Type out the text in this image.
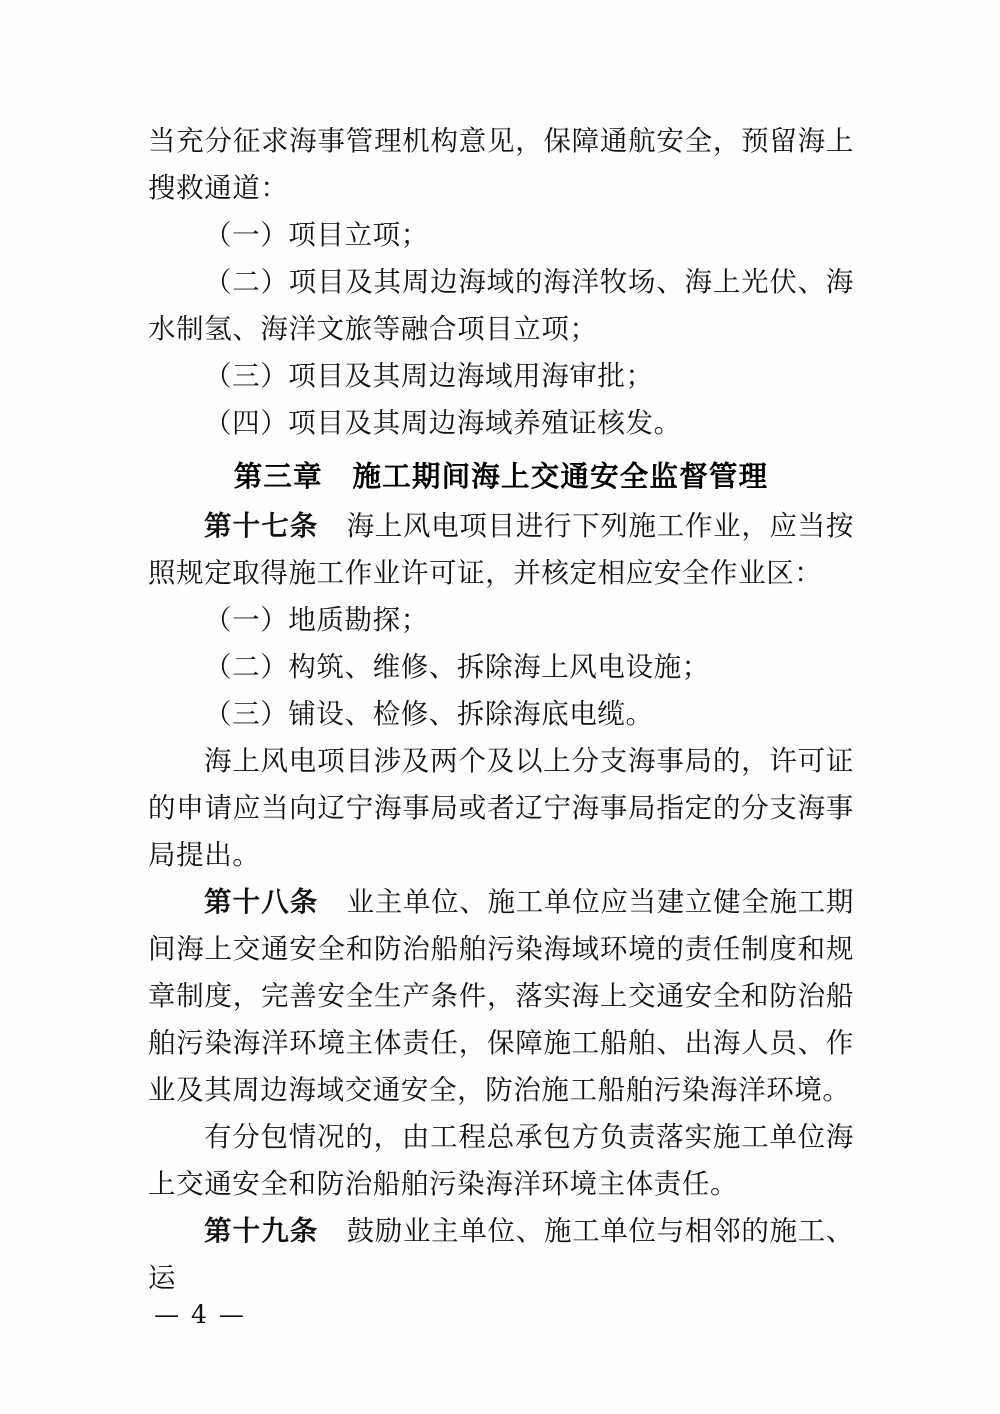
当充分征求海事管理机构意见，保障通航安全，预留海上搜救通道：

（一）项目立项；

（二）项目及其周边海域的海洋牧场、海上光伏、海水制氢、海洋文旅等融合项目立项；

（三）项目及其周边海域用海审批；

（四）项目及其周边海域养殖证核发。

第三章　施工期间海上交通安全监督管理

第十七条　海上风电项目进行下列施工作业，应当按照规定取得施工作业许可证，并核定相应安全作业区：

（一）地质勘探；

（二）构筑、维修、拆除海上风电设施；

（三）铺设、检修、拆除海底电缆。

海上风电项目涉及两个及以上分支海事局的，许可证的申请应当向辽宁海事局或者辽宁海事局指定的分支海事局提出。

第十八条　业主单位、施工单位应当建立健全施工期间海上交通安全和防治船舶污染海域环境的责任制度和规章制度，完善安全生产条件，落实海上交通安全和防治船舶污染海洋环境主体责任，保障施工船舶、出海人员、作业及其周边海域交通安全，防治施工船舶污染海洋环境。

有分包情况的，由工程总承包方负责落实施工单位海上交通安全和防治船舶污染海洋环境主体责任。

第十九条　鼓励业主单位、施工单位与相邻的施工、运

— 4 —
